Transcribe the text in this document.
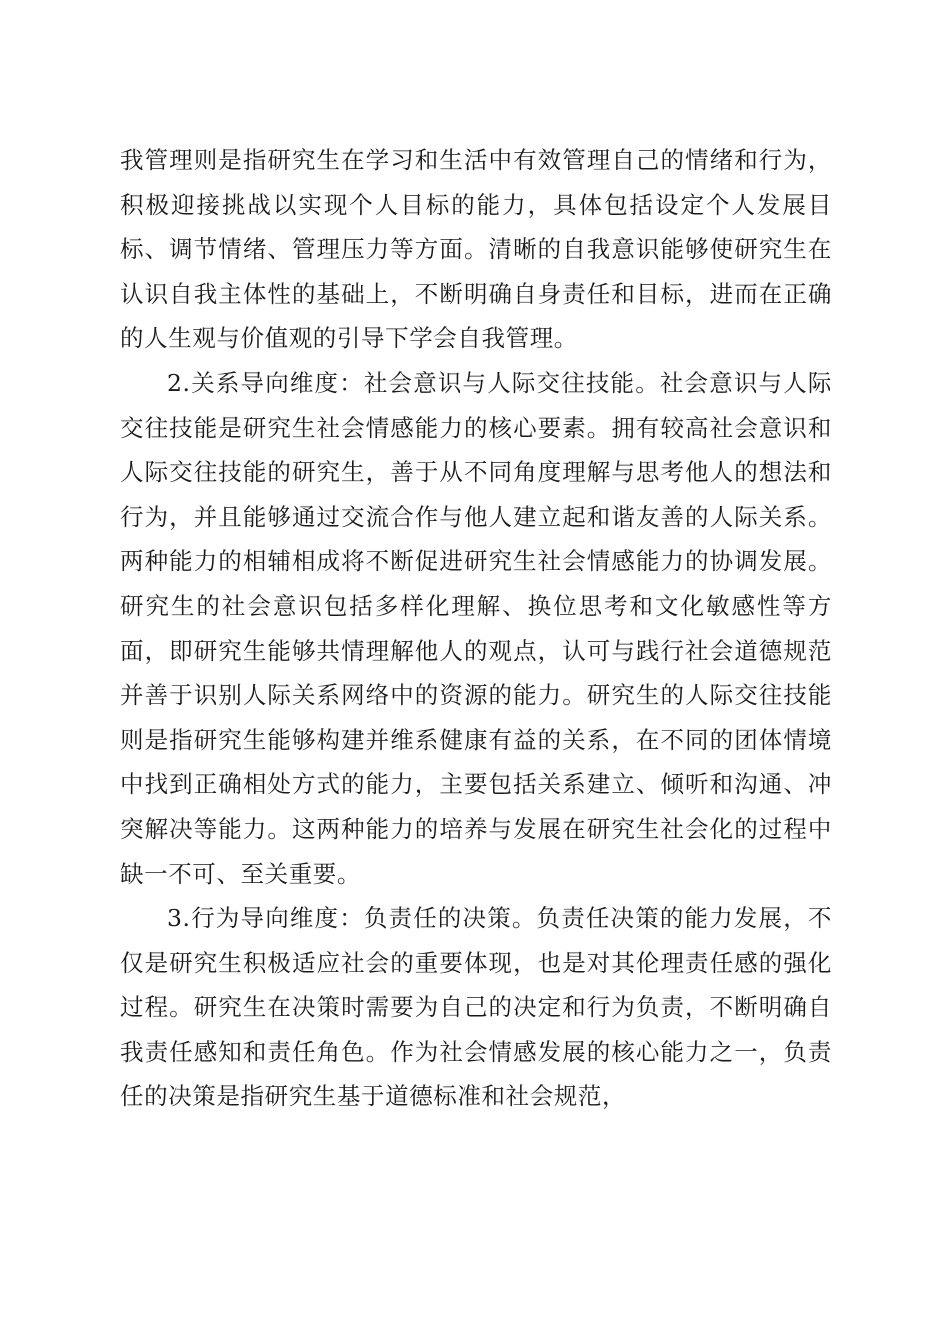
我管理则是指研究生在学习和生活中有效管理自己的情绪和行为，积极迎接挑战以实现个人目标的能力，具体包括设定个人发展目标、调节情绪、管理压力等方面。清晰的自我意识能够使研究生在认识自我主体性的基础上，不断明确自身责任和目标，进而在正确的人生观与价值观的引导下学会自我管理。

2.关系导向维度：社会意识与人际交往技能。社会意识与人际交往技能是研究生社会情感能力的核心要素。拥有较高社会意识和人际交往技能的研究生，善于从不同角度理解与思考他人的想法和行为，并且能够通过交流合作与他人建立起和谐友善的人际关系。两种能力的相辅相成将不断促进研究生社会情感能力的协调发展。研究生的社会意识包括多样化理解、换位思考和文化敏感性等方面，即研究生能够共情理解他人的观点，认可与践行社会道德规范并善于识别人际关系网络中的资源的能力。研究生的人际交往技能则是指研究生能够构建并维系健康有益的关系，在不同的团体情境中找到正确相处方式的能力，主要包括关系建立、倾听和沟通、冲突解决等能力。这两种能力的培养与发展在研究生社会化的过程中缺一不可、至关重要。

3.行为导向维度：负责任的决策。负责任决策的能力发展，不仅是研究生积极适应社会的重要体现，也是对其伦理责任感的强化过程。研究生在决策时需要为自己的决定和行为负责，不断明确自我责任感知和责任角色。作为社会情感发展的核心能力之一，负责任的决策是指研究生基于道德标准和社会规范，
